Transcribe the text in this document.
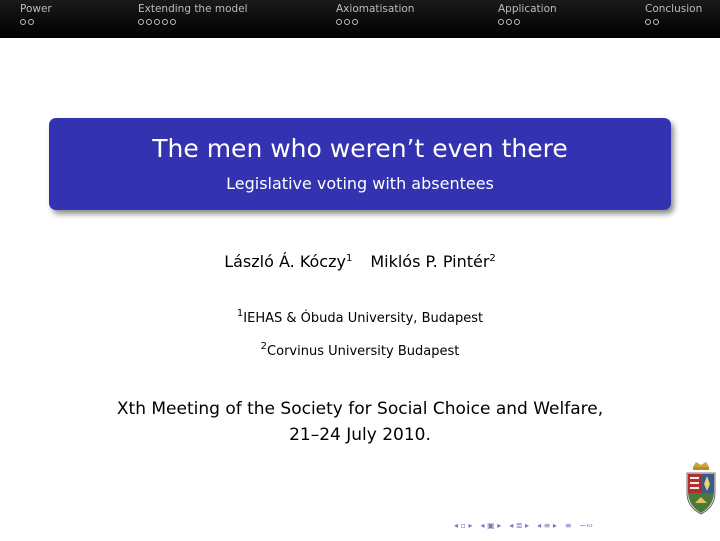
Power	Extending the model	Axiomatisation	Application	Conclusion
The men who weren’t even there
Legislative voting with absentees
László Á. Kóczy$^1$ Miklós P. Pintér$^2$
$^1$IEHAS & Óbuda University, Budapest
$^2$Corvinus University Budapest
Xth Meeting of the Society for Social Choice and Welfare,
21–24 July 2010.
◂ ▫ ▸ ◂ ▣ ▸ ◂ ≣ ▸ ◂ ≡ ▸ ≡ ∽∾
